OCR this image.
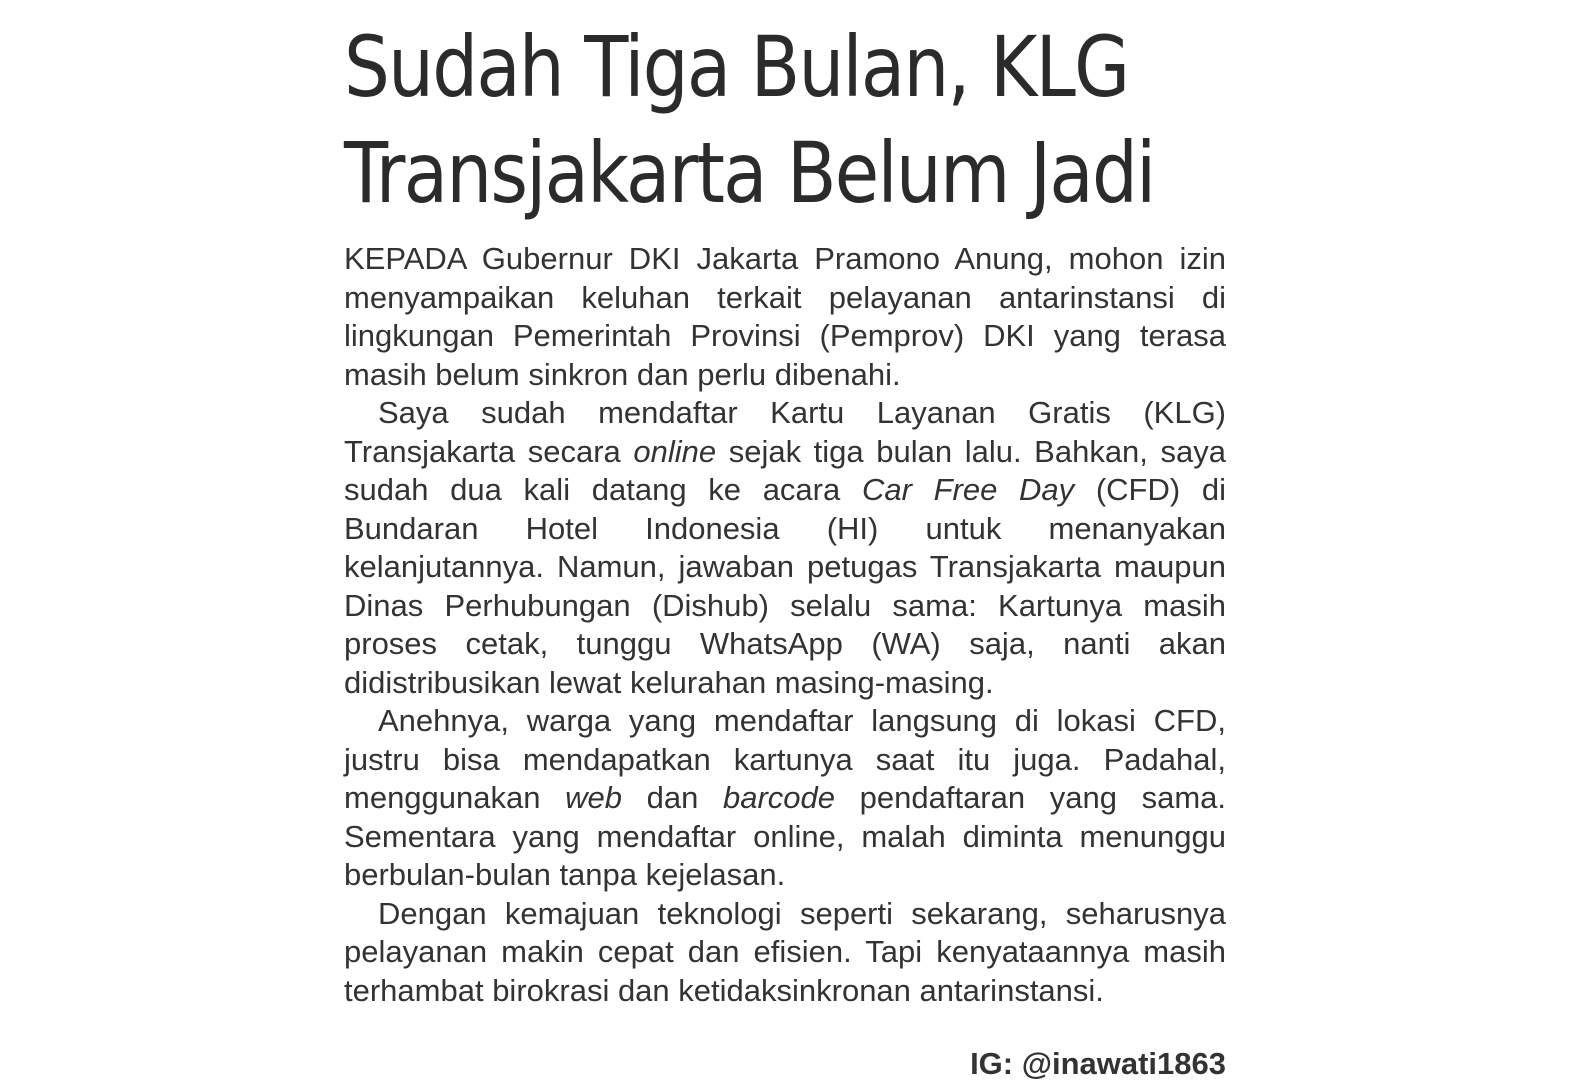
Sudah Tiga Bulan, KLG
Transjakarta Belum Jadi

KEPADA Gubernur DKI Jakarta Pramono Anung, mohon izin menyampaikan keluhan terkait pelayanan antarinstansi di lingkungan Pemerintah Provinsi (Pemprov) DKI yang terasa masih belum sinkron dan perlu dibenahi.

Saya sudah mendaftar Kartu Layanan Gratis (KLG) Transjakarta secara online sejak tiga bulan lalu. Bahkan, saya sudah dua kali datang ke acara Car Free Day (CFD) di Bundaran Hotel Indonesia (HI) untuk menanyakan kelanjutannya. Namun, jawaban petugas Transjakarta maupun Dinas Perhubungan (Dishub) selalu sama: Kartunya masih proses cetak, tunggu WhatsApp (WA) saja, nanti akan didistribusikan lewat kelurahan masing-masing.

Anehnya, warga yang mendaftar langsung di lokasi CFD, justru bisa mendapatkan kartunya saat itu juga. Padahal, menggunakan web dan barcode pendaftaran yang sama. Sementara yang mendaftar online, malah diminta menunggu berbulan-bulan tanpa kejelasan.

Dengan kemajuan teknologi seperti sekarang, seharusnya pelayanan makin cepat dan efisien. Tapi kenyataannya masih terhambat birokrasi dan ketidaksinkronan antarinstansi.

IG: @inawati1863
